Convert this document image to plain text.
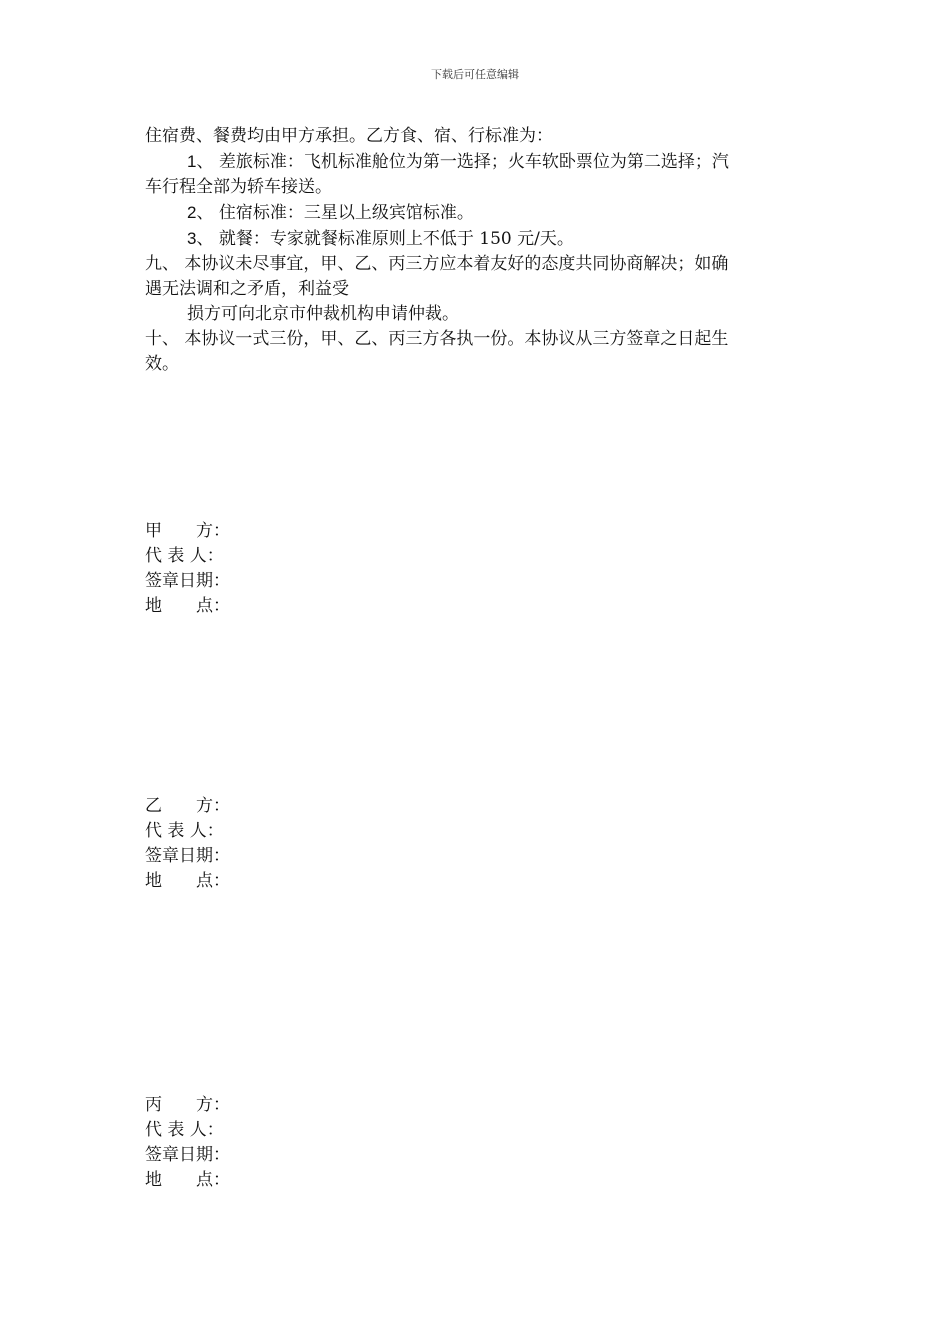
下载后可任意编辑

住宿费、餐费均由甲方承担。乙方食、宿、行标准为：

1、 差旅标准：飞机标准舱位为第一选择；火车软卧票位为第二选择；汽

车行程全部为轿车接送。

2、 住宿标准：三星以上级宾馆标准。

3、 就餐：专家就餐标准原则上不低于 150 元/天。

九、 本协议未尽事宜，甲、乙、丙三方应本着友好的态度共同协商解决；如确

遇无法调和之矛盾，利益受

损方可向北京市仲裁机构申请仲裁。

十、 本协议一式三份，甲、乙、丙三方各执一份。本协议从三方签章之日起生

效。

甲　　方：
代 表 人：
签章日期：
地　　点：
乙　　方：
代 表 人：
签章日期：
地　　点：
丙　　方：
代 表 人：
签章日期：
地　　点：
